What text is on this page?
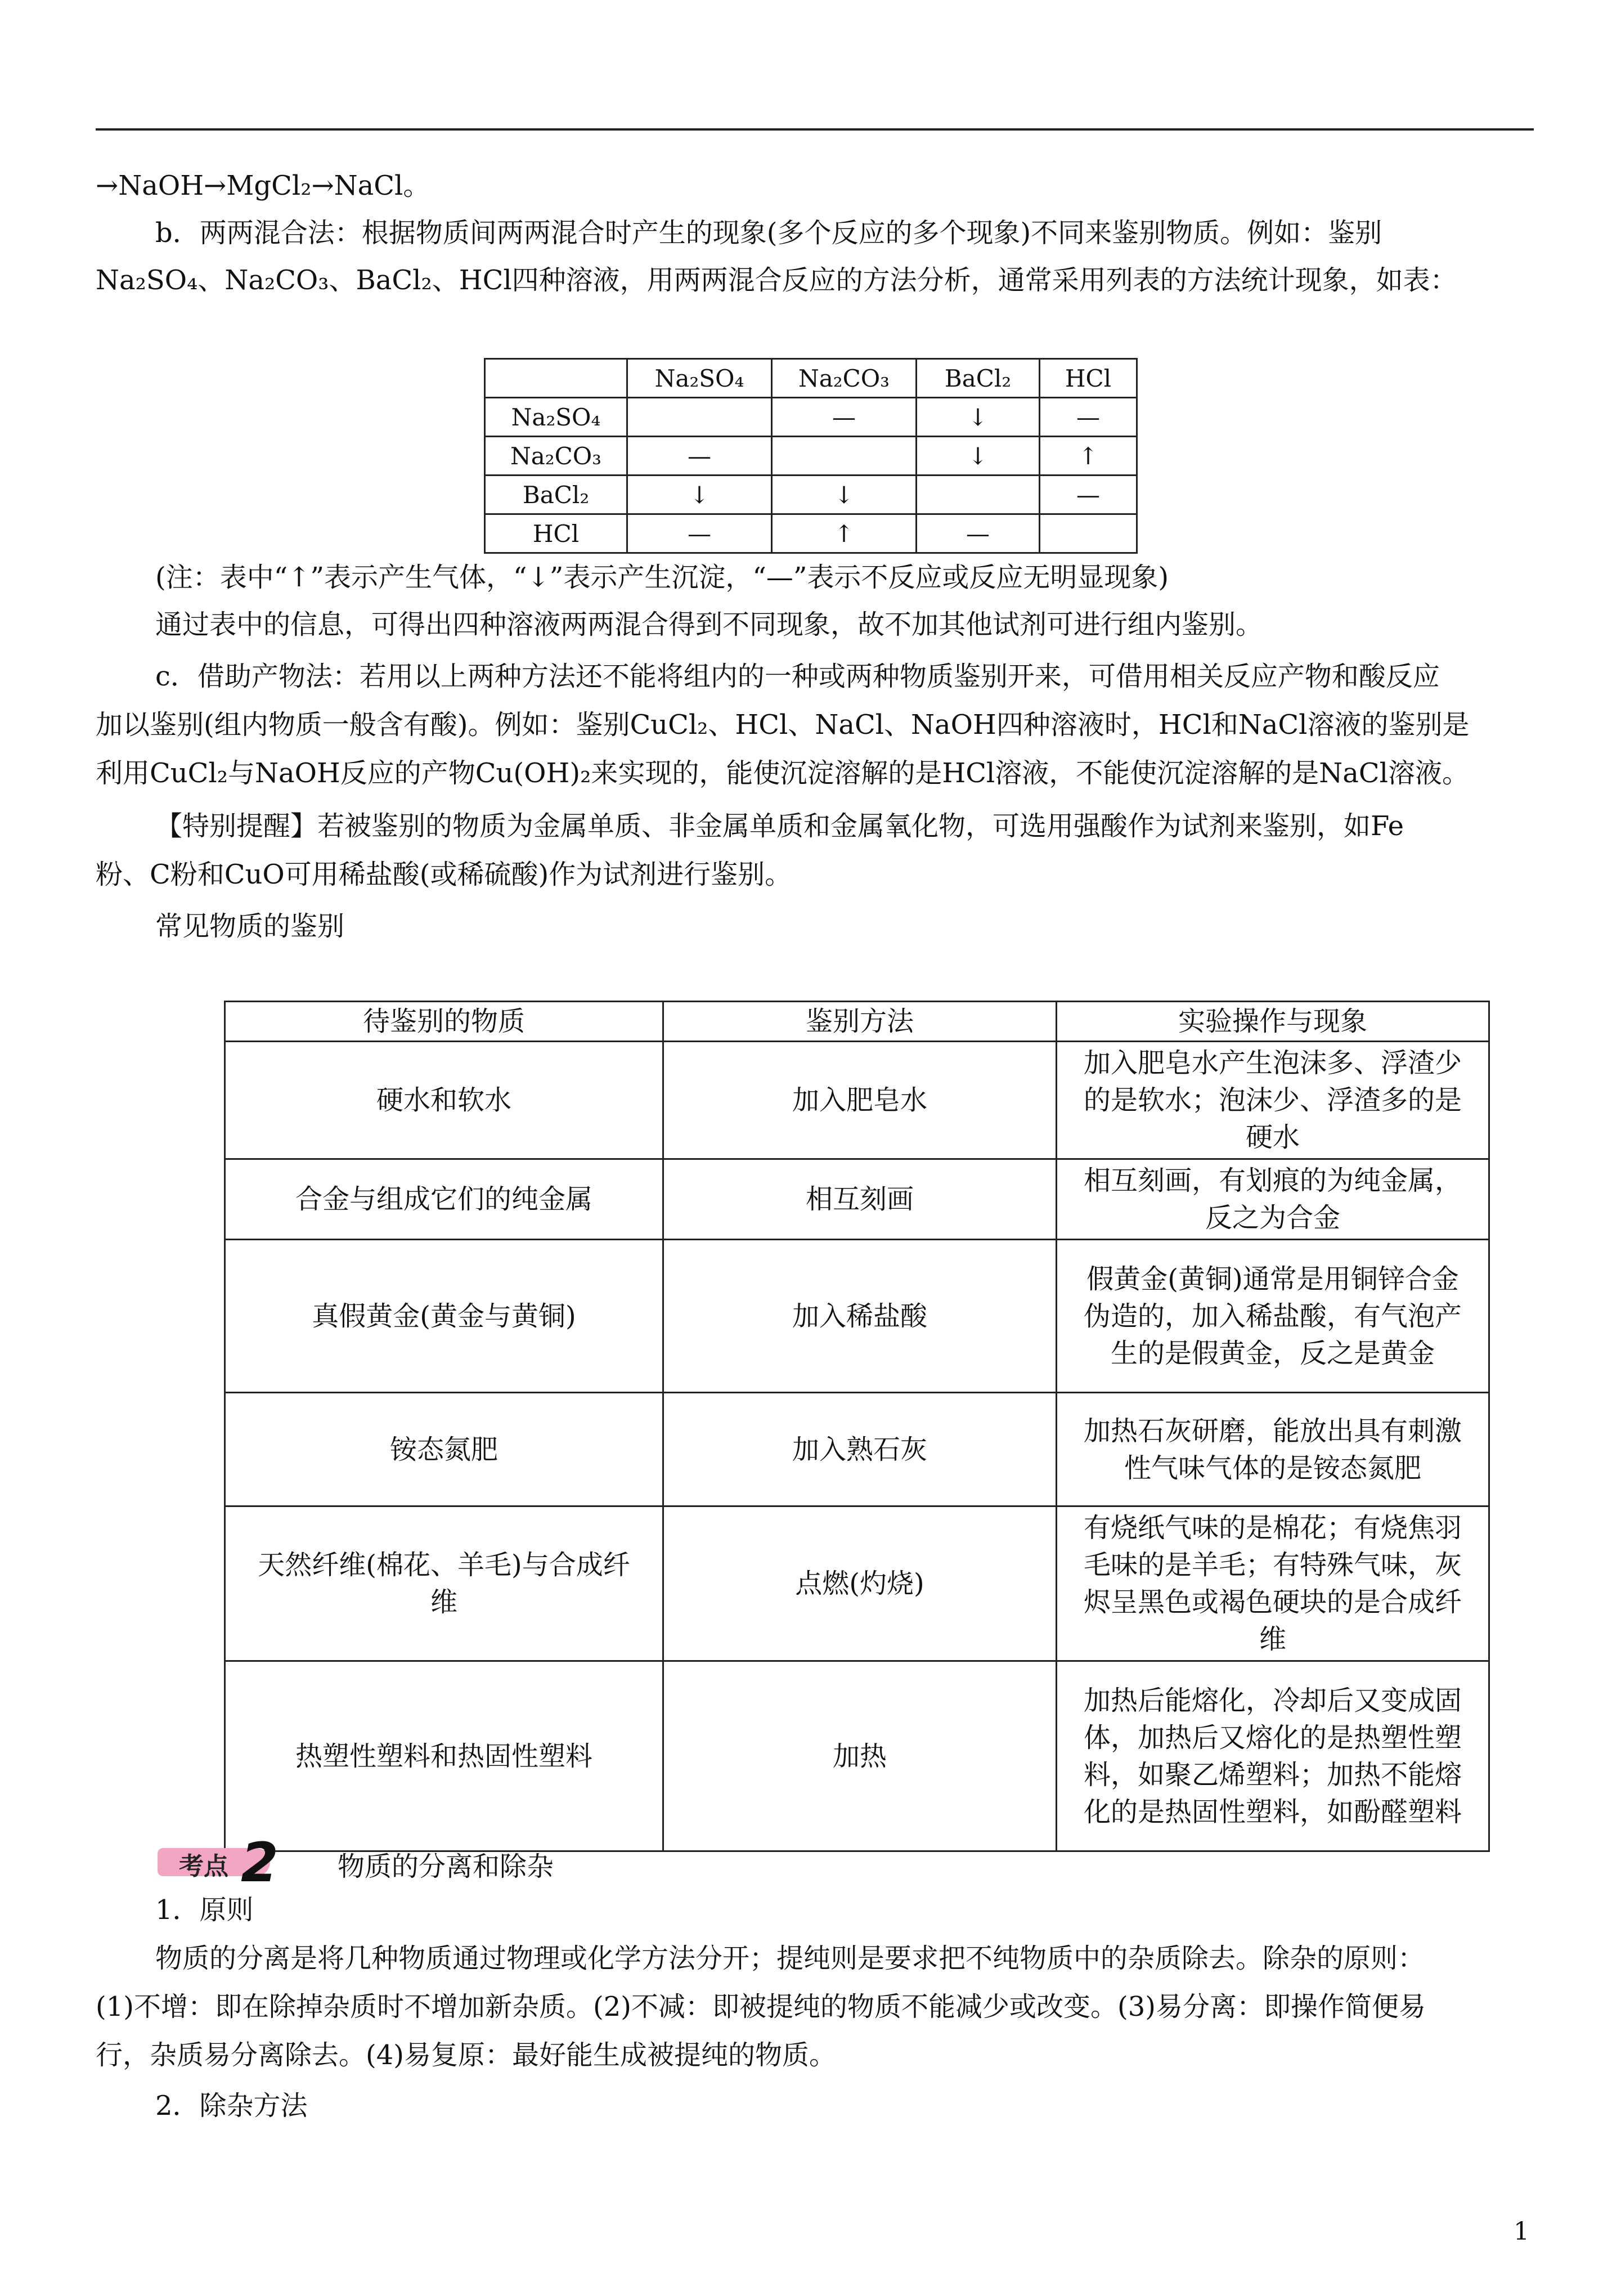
→NaOH→MgCl₂→NaCl。
b．两两混合法：根据物质间两两混合时产生的现象(多个反应的多个现象)不同来鉴别物质。例如：鉴别
Na₂SO₄、Na₂CO₃、BaCl₂、HCl四种溶液，用两两混合反应的方法分析，通常采用列表的方法统计现象，如表：
	Na₂SO₄	Na₂CO₃	BaCl₂	HCl
Na₂SO₄		—	↓	—
Na₂CO₃	—		↓	↑
BaCl₂	↓	↓		—
HCl	—	↑	—	
(注：表中“↑”表示产生气体，“↓”表示产生沉淀，“—”表示不反应或反应无明显现象)
通过表中的信息，可得出四种溶液两两混合得到不同现象，故不加其他试剂可进行组内鉴别。
c．借助产物法：若用以上两种方法还不能将组内的一种或两种物质鉴别开来，可借用相关反应产物和酸反应
加以鉴别(组内物质一般含有酸)。例如：鉴别CuCl₂、HCl、NaCl、NaOH四种溶液时，HCl和NaCl溶液的鉴别是
利用CuCl₂与NaOH反应的产物Cu(OH)₂来实现的，能使沉淀溶解的是HCl溶液，不能使沉淀溶解的是NaCl溶液。
【特别提醒】若被鉴别的物质为金属单质、非金属单质和金属氧化物，可选用强酸作为试剂来鉴别，如Fe
粉、C粉和CuO可用稀盐酸(或稀硫酸)作为试剂进行鉴别。
常见物质的鉴别
待鉴别的物质	鉴别方法	实验操作与现象
硬水和软水	加入肥皂水	加入肥皂水产生泡沫多、浮渣少的是软水；泡沫少、浮渣多的是硬水
合金与组成它们的纯金属	相互刻画	相互刻画，有划痕的为纯金属，反之为合金
真假黄金(黄金与黄铜)	加入稀盐酸	假黄金(黄铜)通常是用铜锌合金伪造的，加入稀盐酸，有气泡产生的是假黄金，反之是黄金
铵态氮肥	加入熟石灰	加热石灰研磨，能放出具有刺激性气味气体的是铵态氮肥
天然纤维(棉花、羊毛)与合成纤维	点燃(灼烧)	有烧纸气味的是棉花；有烧焦羽毛味的是羊毛；有特殊气味，灰烬呈黑色或褐色硬块的是合成纤维
热塑性塑料和热固性塑料	加热	加热后能熔化，冷却后又变成固体，加热后又熔化的是热塑性塑料，如聚乙烯塑料；加热不能熔化的是热固性塑料，如酚醛塑料
考点 2 物质的分离和除杂
1．原则
物质的分离是将几种物质通过物理或化学方法分开；提纯则是要求把不纯物质中的杂质除去。除杂的原则：
(1)不增：即在除掉杂质时不增加新杂质。(2)不减：即被提纯的物质不能减少或改变。(3)易分离：即操作简便易
行，杂质易分离除去。(4)易复原：最好能生成被提纯的物质。
2．除杂方法
1
